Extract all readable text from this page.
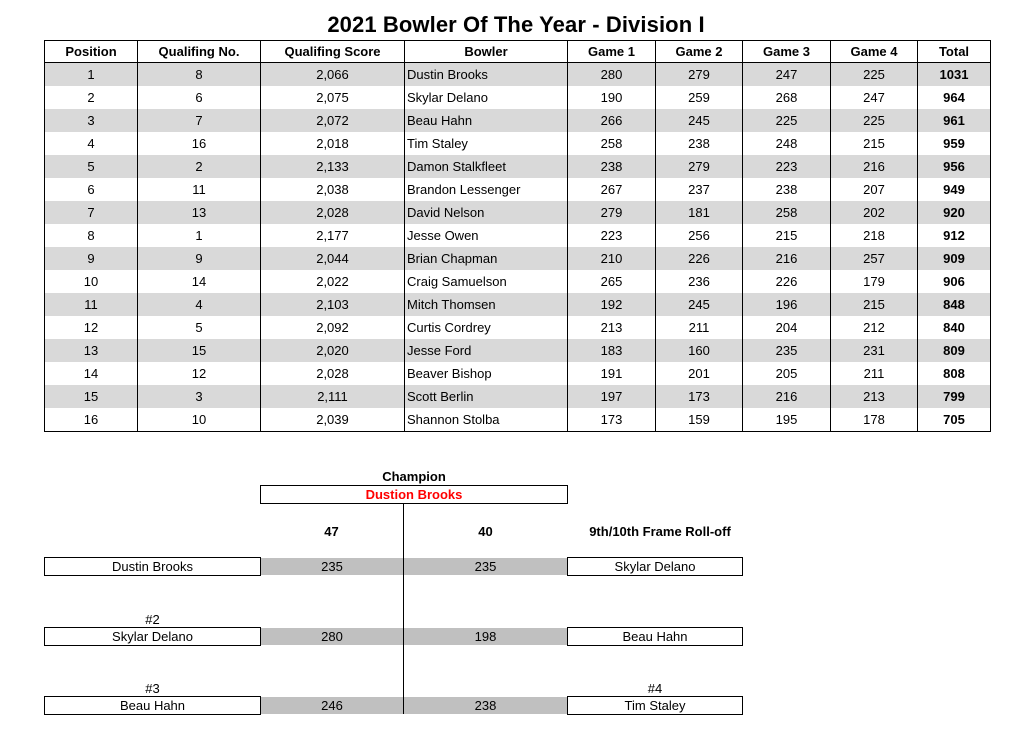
2021 Bowler Of The Year - Division I
Position	Qualifing No.	Qualifing Score	Bowler	Game 1	Game 2	Game 3	Game 4	Total
1	8	2,066	Dustin Brooks	280	279	247	225	1031
2	6	2,075	Skylar Delano	190	259	268	247	964
3	7	2,072	Beau Hahn	266	245	225	225	961
4	16	2,018	Tim Staley	258	238	248	215	959
5	2	2,133	Damon Stalkfleet	238	279	223	216	956
6	11	2,038	Brandon Lessenger	267	237	238	207	949
7	13	2,028	David Nelson	279	181	258	202	920
8	1	2,177	Jesse Owen	223	256	215	218	912
9	9	2,044	Brian Chapman	210	226	216	257	909
10	14	2,022	Craig Samuelson	265	236	226	179	906
11	4	2,103	Mitch Thomsen	192	245	196	215	848
12	5	2,092	Curtis Cordrey	213	211	204	212	840
13	15	2,020	Jesse Ford	183	160	235	231	809
14	12	2,028	Beaver Bishop	191	201	205	211	808
15	3	2,111	Scott Berlin	197	173	216	213	799
16	10	2,039	Shannon Stolba	173	159	195	178	705
Champion
Dustion Brooks
47	40	9th/10th Frame Roll-off
Dustin Brooks	235	235	Skylar Delano
#2
Skylar Delano	280	198	Beau Hahn
#3	#4
Beau Hahn	246	238	Tim Staley
